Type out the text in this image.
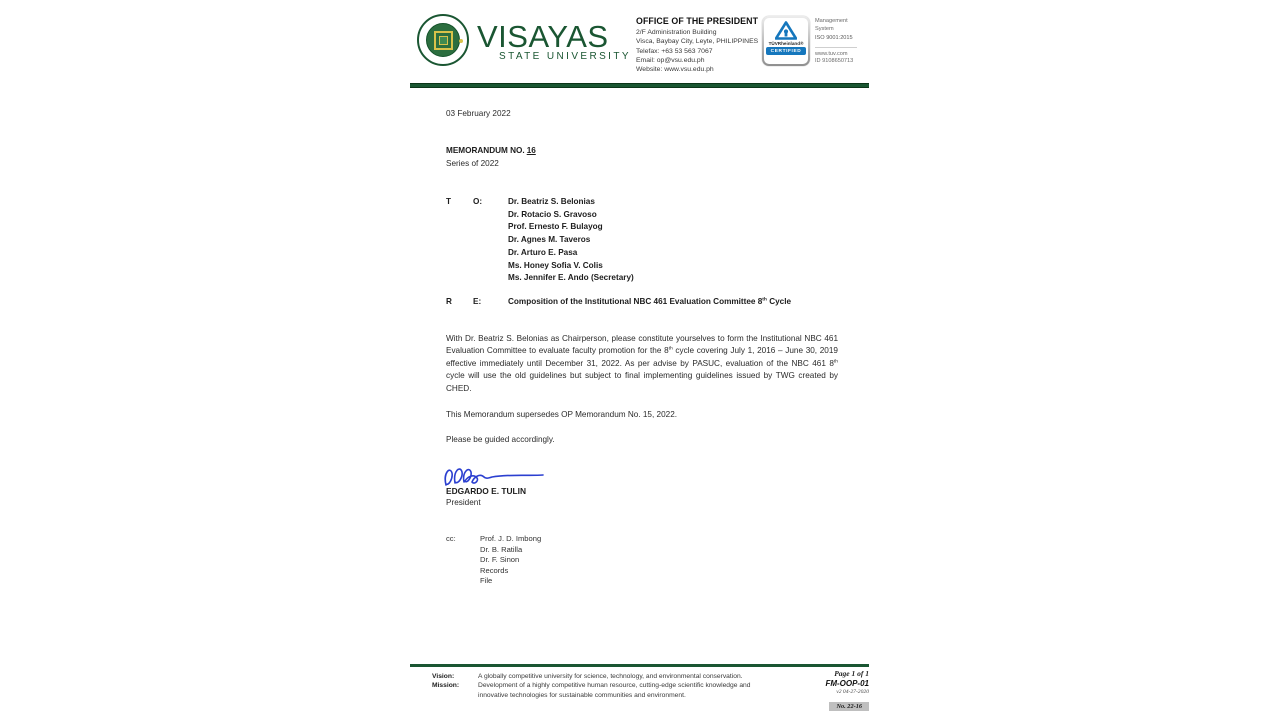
VISAYAS
STATE UNIVERSITY
OFFICE OF THE PRESIDENT
2/F Administration Building
Visca, Baybay City, Leyte, PHILIPPINES
Telefax: +63 53 563 7067
Email: op@vsu.edu.ph
Website: www.vsu.edu.ph
TÜVRheinland®
CERTIFIED
Management
System
ISO 9001:2015
www.tuv.com
ID 9108650713
03 February 2022
MEMORANDUM NO. 16
Series of 2022
T	O:	Dr. Beatriz S. Belonias
Dr. Rotacio S. Gravoso
Prof. Ernesto F. Bulayog
Dr. Agnes M. Taveros
Dr. Arturo E. Pasa
Ms. Honey Sofia V. Colis
Ms. Jennifer E. Ando (Secretary)
R	E:	Composition of the Institutional NBC 461 Evaluation Committee 8th Cycle
With Dr. Beatriz S. Belonias as Chairperson, please constitute yourselves to form the Institutional NBC 461 Evaluation Committee to evaluate faculty promotion for the 8th cycle covering July 1, 2016 – June 30, 2019 effective immediately until December 31, 2022. As per advise by PASUC, evaluation of the NBC 461 8th cycle will use the old guidelines but subject to final implementing guidelines issued by TWG created by CHED.
This Memorandum supersedes OP Memorandum No. 15, 2022.
Please be guided accordingly.
EDGARDO E. TULIN
President
cc:	Prof. J. D. Imbong
Dr. B. Ratilla
Dr. F. Sinon
Records
File
Vision:	A globally competitive university for science, technology, and environmental conservation.
Mission:	Development of a highly competitive human resource, cutting-edge scientific knowledge and innovative technologies for sustainable communities and environment.
Page 1 of 1
FM-OOP-01
v2 04-27-2020
No. 22-16
